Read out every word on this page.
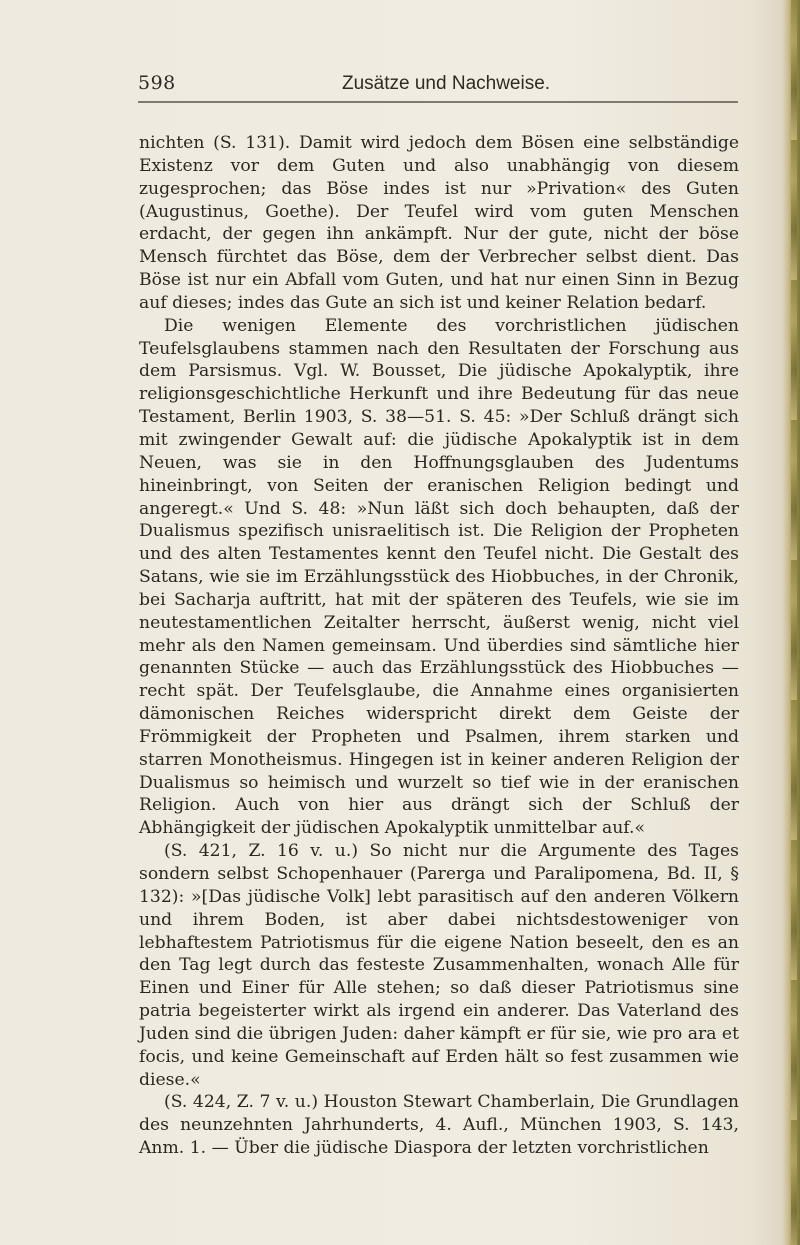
598	Zusätze und Nachweise.

nichten (S. 131). Damit wird jedoch dem Bösen eine selbständige Existenz vor dem Guten und also unabhängig von diesem zugesprochen; das Böse indes ist nur »Privation« des Guten (Augustinus, Goethe). Der Teufel wird vom guten Menschen erdacht, der gegen ihn ankämpft. Nur der gute, nicht der böse Mensch fürchtet das Böse, dem der Verbrecher selbst dient. Das Böse ist nur ein Abfall vom Guten, und hat nur einen Sinn in Bezug auf dieses; indes das Gute an sich ist und keiner Relation bedarf.

Die wenigen Elemente des vorchristlichen jüdischen Teufelsglaubens stammen nach den Resultaten der Forschung aus dem Parsismus. Vgl. W. Bousset, Die jüdische Apokalyptik, ihre religionsgeschichtliche Herkunft und ihre Bedeutung für das neue Testament, Berlin 1903, S. 38—51. S. 45: »Der Schluß drängt sich mit zwingender Gewalt auf: die jüdische Apokalyptik ist in dem Neuen, was sie in den Hoffnungsglauben des Judentums hineinbringt, von Seiten der eranischen Religion bedingt und angeregt.« Und S. 48: »Nun läßt sich doch behaupten, daß der Dualismus spezifisch unisraelitisch ist. Die Religion der Propheten und des alten Testamentes kennt den Teufel nicht. Die Gestalt des Satans, wie sie im Erzählungsstück des Hiobbuches, in der Chronik, bei Sacharja auftritt, hat mit der späteren des Teufels, wie sie im neutestamentlichen Zeitalter herrscht, äußerst wenig, nicht viel mehr als den Namen gemeinsam. Und überdies sind sämtliche hier genannten Stücke — auch das Erzählungsstück des Hiobbuches — recht spät. Der Teufelsglaube, die Annahme eines organisierten dämonischen Reiches widerspricht direkt dem Geiste der Frömmigkeit der Propheten und Psalmen, ihrem starken und starren Monotheismus. Hingegen ist in keiner anderen Religion der Dualismus so heimisch und wurzelt so tief wie in der eranischen Religion. Auch von hier aus drängt sich der Schluß der Abhängigkeit der jüdischen Apokalyptik unmittelbar auf.«

(S. 421, Z. 16 v. u.) So nicht nur die Argumente des Tages sondern selbst Schopenhauer (Parerga und Paralipomena, Bd. II, § 132): »[Das jüdische Volk] lebt parasitisch auf den anderen Völkern und ihrem Boden, ist aber dabei nichtsdestoweniger von lebhaftestem Patriotismus für die eigene Nation beseelt, den es an den Tag legt durch das festeste Zusammenhalten, wonach Alle für Einen und Einer für Alle stehen; so daß dieser Patriotismus sine patria begeisterter wirkt als irgend ein anderer. Das Vaterland des Juden sind die übrigen Juden: daher kämpft er für sie, wie pro ara et focis, und keine Gemeinschaft auf Erden hält so fest zusammen wie diese.«

(S. 424, Z. 7 v. u.) Houston Stewart Chamberlain, Die Grundlagen des neunzehnten Jahrhunderts, 4. Aufl., München 1903, S. 143, Anm. 1. — Über die jüdische Diaspora der letzten vorchristlichen
